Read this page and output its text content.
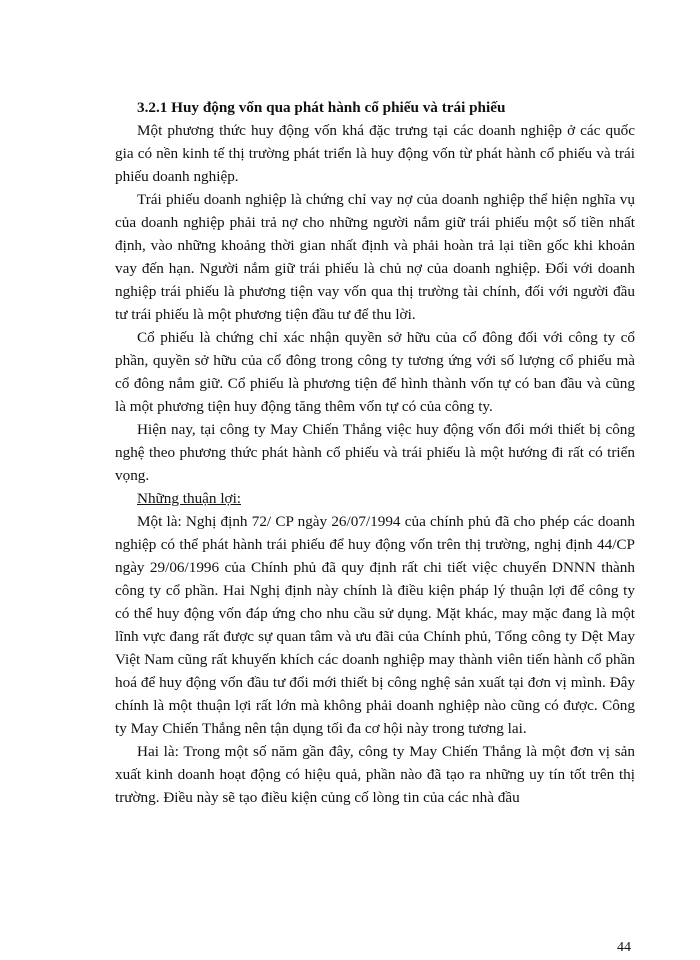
3.2.1 Huy động vốn qua phát hành cổ phiếu và trái phiếu

Một phương thức huy động vốn khá đặc trưng tại các doanh nghiệp ở các quốc gia có nền kinh tế thị trường phát triển là huy động vốn từ phát hành cổ phiếu và trái phiếu doanh nghiệp.

Trái phiếu doanh nghiệp là chứng chỉ vay nợ của doanh nghiệp thể hiện nghĩa vụ của doanh nghiệp phải trả nợ cho những người nắm giữ trái phiếu một số tiền nhất định, vào những khoảng thời gian nhất định và phải hoàn trả lại tiền gốc khi khoản vay đến hạn. Người nắm giữ trái phiếu là chủ nợ của doanh nghiệp. Đối với doanh nghiệp trái phiếu là phương tiện vay vốn qua thị trường tài chính, đối với người đầu tư trái phiếu là một phương tiện đầu tư để thu lời.

Cổ phiếu là chứng chỉ xác nhận quyền sở hữu của cổ đông đối với công ty cổ phần, quyền sở hữu của cổ đông trong công ty tương ứng với số lượng cổ phiếu mà cổ đông nắm giữ. Cổ phiếu là phương tiện để hình thành vốn tự có ban đầu và cũng là một phương tiện huy động tăng thêm vốn tự có của công ty.

Hiện nay, tại công ty May Chiến Thắng việc huy động vốn đổi mới thiết bị công nghệ theo phương thức phát hành cổ phiếu và trái phiếu là một hướng đi rất có triển vọng.

Những thuận lợi:

Một là: Nghị định 72/ CP ngày 26/07/1994 của chính phủ đã cho phép các doanh nghiệp có thể phát hành trái phiếu để huy động vốn trên thị trường, nghị định 44/CP ngày 29/06/1996 của Chính phủ đã quy định rất chi tiết việc chuyển DNNN thành công ty cổ phần. Hai Nghị định này chính là điều kiện pháp lý thuận lợi để công ty có thể huy động vốn đáp ứng cho nhu cầu sử dụng. Mặt khác, may mặc đang là một lĩnh vực đang rất được sự quan tâm và ưu đãi của Chính phủ, Tổng công ty Dệt May Việt Nam cũng rất khuyến khích các doanh nghiệp may thành viên tiến hành cổ phần hoá để huy động vốn đầu tư đổi mới thiết bị công nghệ sản xuất tại đơn vị mình. Đây chính là một thuận lợi rất lớn mà không phải doanh nghiệp nào cũng có được. Công ty May Chiến Thắng nên tận dụng tối đa cơ hội này trong tương lai.

Hai là: Trong một số năm gần đây, công ty May Chiến Thắng là một đơn vị sản xuất kinh doanh hoạt động có hiệu quả, phần nào đã tạo ra những uy tín tốt trên thị trường. Điều này sẽ tạo điều kiện củng cố lòng tin của các nhà đầu

44
